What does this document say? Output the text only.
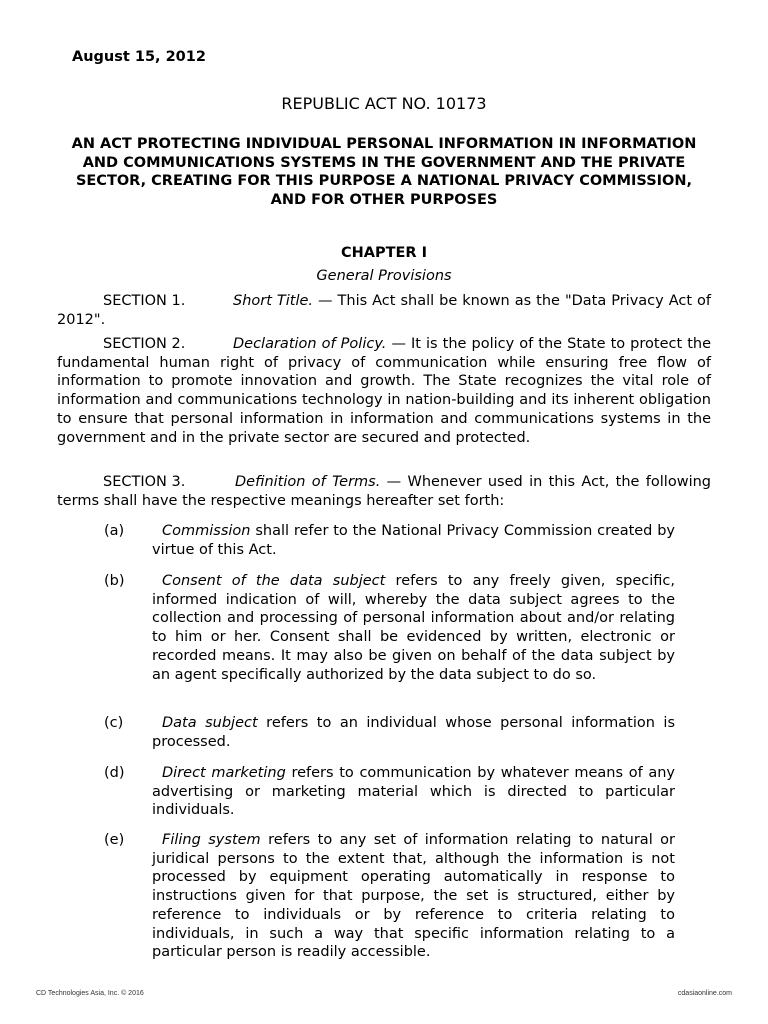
August 15, 2012
REPUBLIC ACT NO. 10173
AN ACT PROTECTING INDIVIDUAL PERSONAL INFORMATION IN INFORMATION AND COMMUNICATIONS SYSTEMS IN THE GOVERNMENT AND THE PRIVATE SECTOR, CREATING FOR THIS PURPOSE A NATIONAL PRIVACY COMMISSION, AND FOR OTHER PURPOSES
CHAPTER I
General Provisions
SECTION 1.	Short Title. — This Act shall be known as the "Data Privacy Act of 2012".
SECTION 2.	Declaration of Policy. — It is the policy of the State to protect the fundamental human right of privacy of communication while ensuring free flow of information to promote innovation and growth. The State recognizes the vital role of information and communications technology in nation-building and its inherent obligation to ensure that personal information in information and communications systems in the government and in the private sector are secured and protected.
SECTION 3.	Definition of Terms. — Whenever used in this Act, the following terms shall have the respective meanings hereafter set forth:
(a)	Commission shall refer to the National Privacy Commission created by virtue of this Act.
(b)	Consent of the data subject refers to any freely given, specific, informed indication of will, whereby the data subject agrees to the collection and processing of personal information about and/or relating to him or her. Consent shall be evidenced by written, electronic or recorded means. It may also be given on behalf of the data subject by an agent specifically authorized by the data subject to do so.
(c)	Data subject refers to an individual whose personal information is processed.
(d)	Direct marketing refers to communication by whatever means of any advertising or marketing material which is directed to particular individuals.
(e)	Filing system refers to any set of information relating to natural or juridical persons to the extent that, although the information is not processed by equipment operating automatically in response to instructions given for that purpose, the set is structured, either by reference to individuals or by reference to criteria relating to individuals, in such a way that specific information relating to a particular person is readily accessible.
CD Technologies Asia, Inc. © 2016	cdasiaonline.com
